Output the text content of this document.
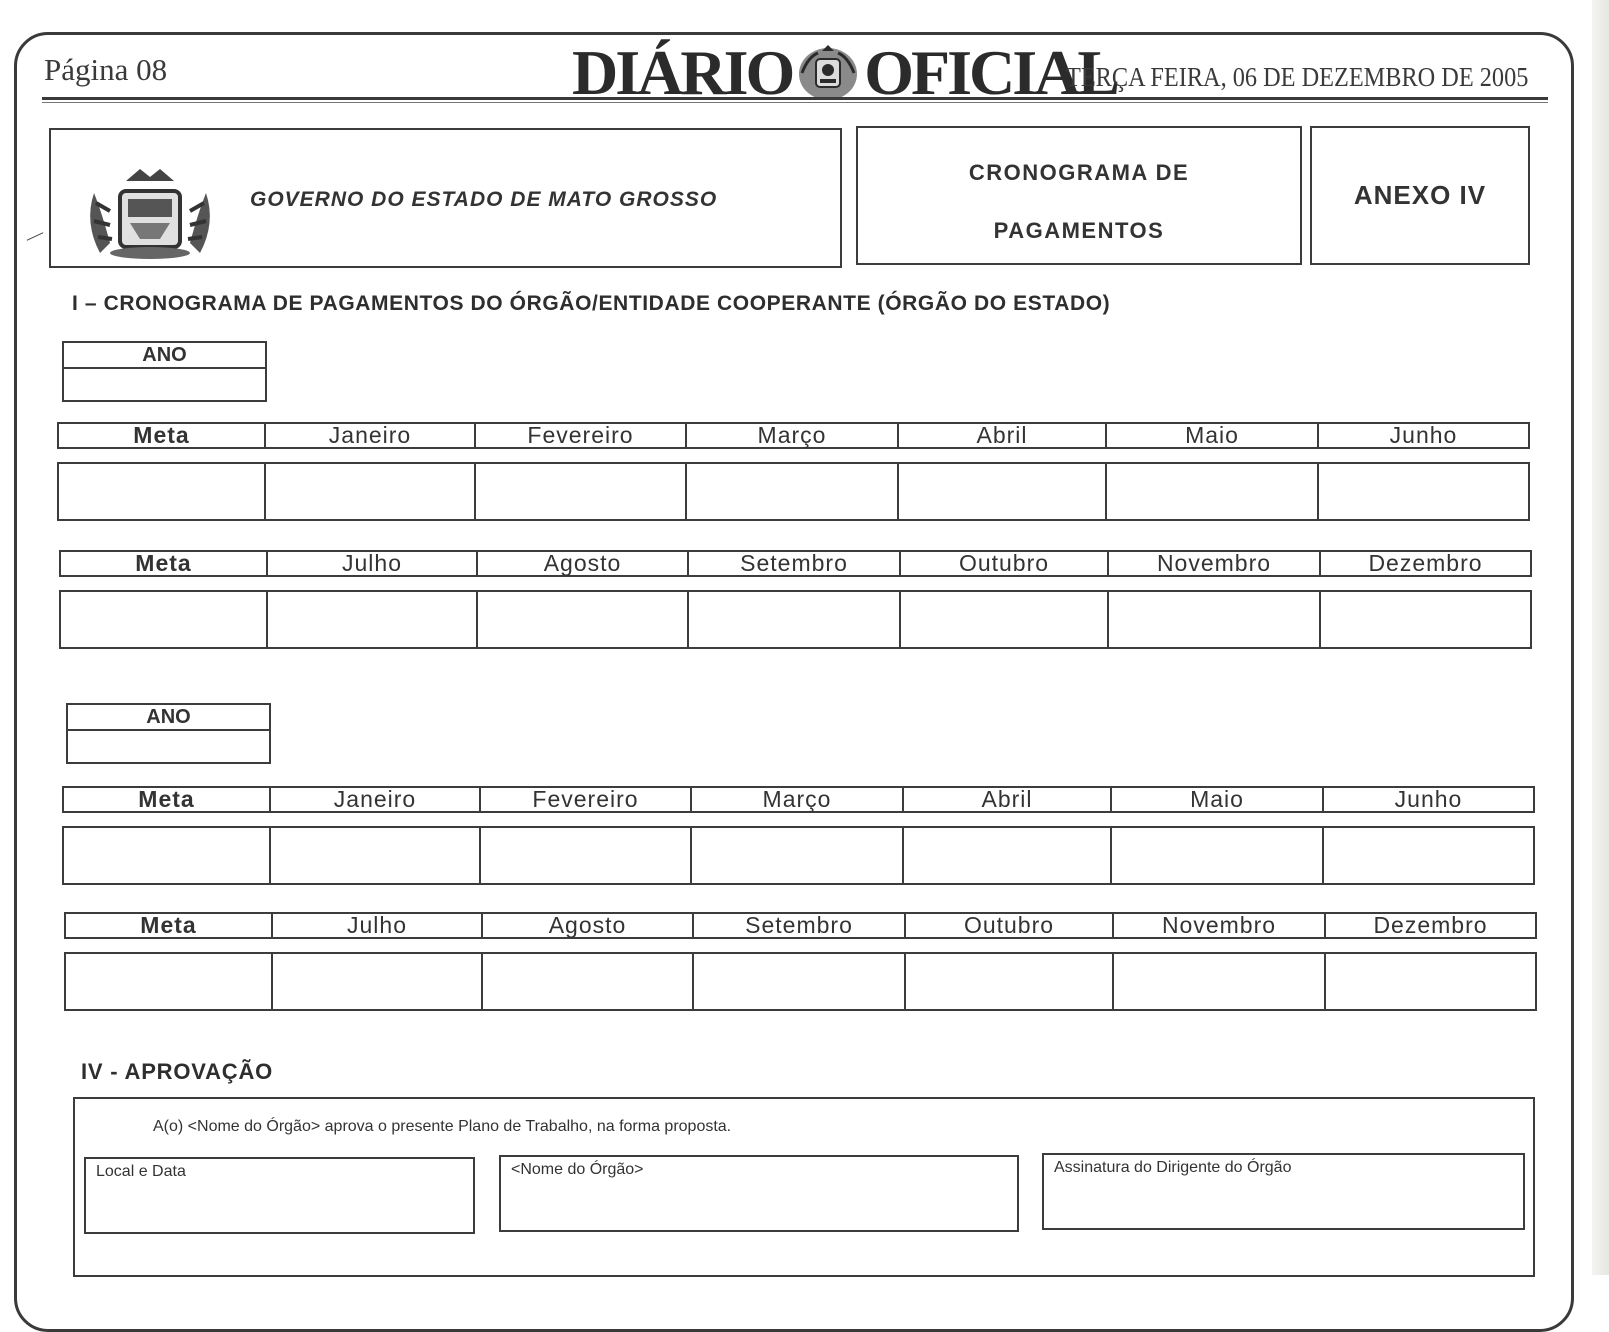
Página 08	DIÁRIO OFICIAL
TERÇA FEIRA, 06 DE DEZEMBRO DE 2005
GOVERNO DO ESTADO DE MATO GROSSO
CRONOGRAMA DE
PAGAMENTOS
ANEXO IV
I – CRONOGRAMA DE PAGAMENTOS DO ÓRGÃO/ENTIDADE COOPERANTE (ÓRGÃO DO ESTADO)
ANO
Meta	Janeiro	Fevereiro	Março	Abril	Maio	Junho

Meta	Julho	Agosto	Setembro	Outubro	Novembro	Dezembro

ANO
Meta	Janeiro	Fevereiro	Março	Abril	Maio	Junho

Meta	Julho	Agosto	Setembro	Outubro	Novembro	Dezembro

IV - APROVAÇÃO
A(o) <Nome do Órgão> aprova o presente Plano de Trabalho, na forma proposta.
Local e Data	<Nome do Órgão>	Assinatura do Dirigente do Órgão
